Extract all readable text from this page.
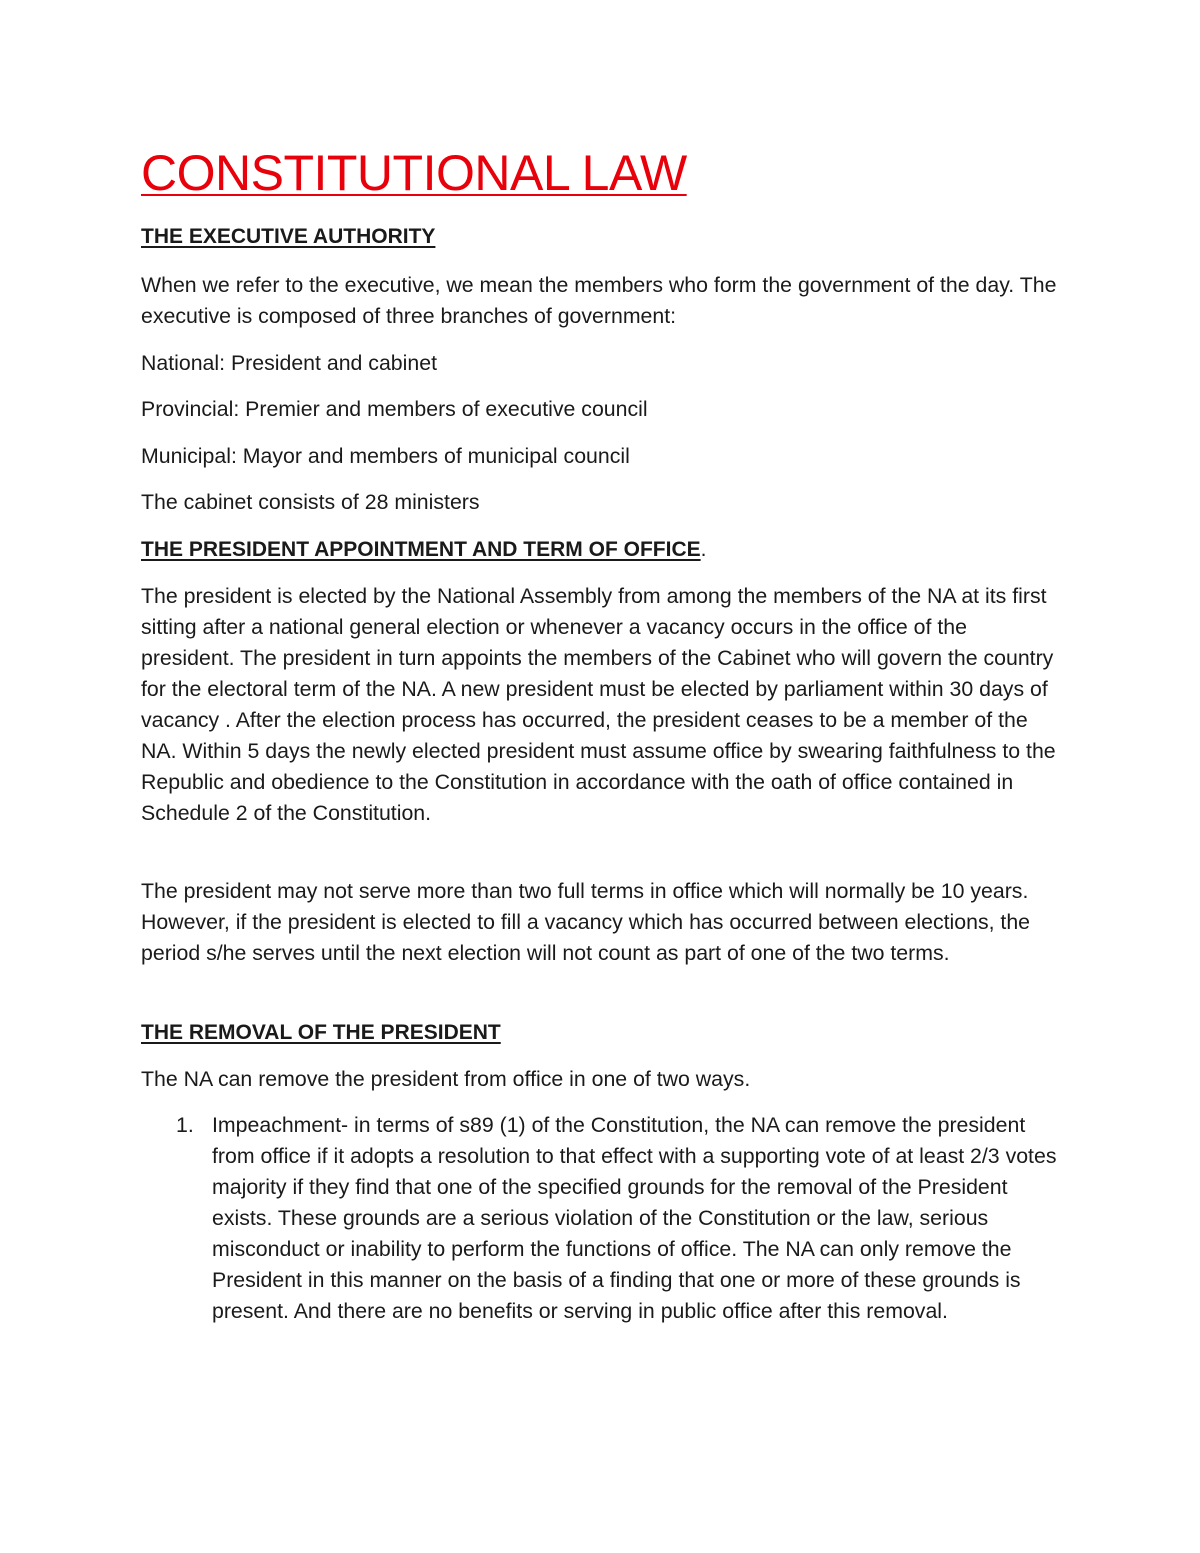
CONSTITUTIONAL LAW
THE EXECUTIVE AUTHORITY

When we refer to the executive, we mean the members who form the government of the day. The executive is composed of three branches of government:

National: President and cabinet

Provincial: Premier and members of executive council

Municipal: Mayor and members of municipal council

The cabinet consists of 28 ministers

THE PRESIDENT APPOINTMENT AND TERM OF OFFICE.

The president is elected by the National Assembly from among the members of the NA at its first sitting after a national general election or whenever a vacancy occurs in the office of the president. The president in turn appoints the members of the Cabinet who will govern the country for the electoral term of the NA. A new president must be elected by parliament within 30 days of vacancy . After the election process has occurred, the president ceases to be a member of the NA. Within 5 days the newly elected president must assume office by swearing faithfulness to the Republic and obedience to the Constitution in accordance with the oath of office contained in Schedule 2 of the Constitution.

The president may not serve more than two full terms in office which will normally be 10 years. However, if the president is elected to fill a vacancy which has occurred between elections, the period s/he serves until the next election will not count as part of one of the two terms.

THE REMOVAL OF THE PRESIDENT

The NA can remove the president from office in one of two ways.

1. Impeachment- in terms of s89 (1) of the Constitution, the NA can remove the president from office if it adopts a resolution to that effect with a supporting vote of at least 2/3 votes majority if they find that one of the specified grounds for the removal of the President exists. These grounds are a serious violation of the Constitution or the law, serious misconduct or inability to perform the functions of office. The NA can only remove the President in this manner on the basis of a finding that one or more of these grounds is present. And there are no benefits or serving in public office after this removal.
